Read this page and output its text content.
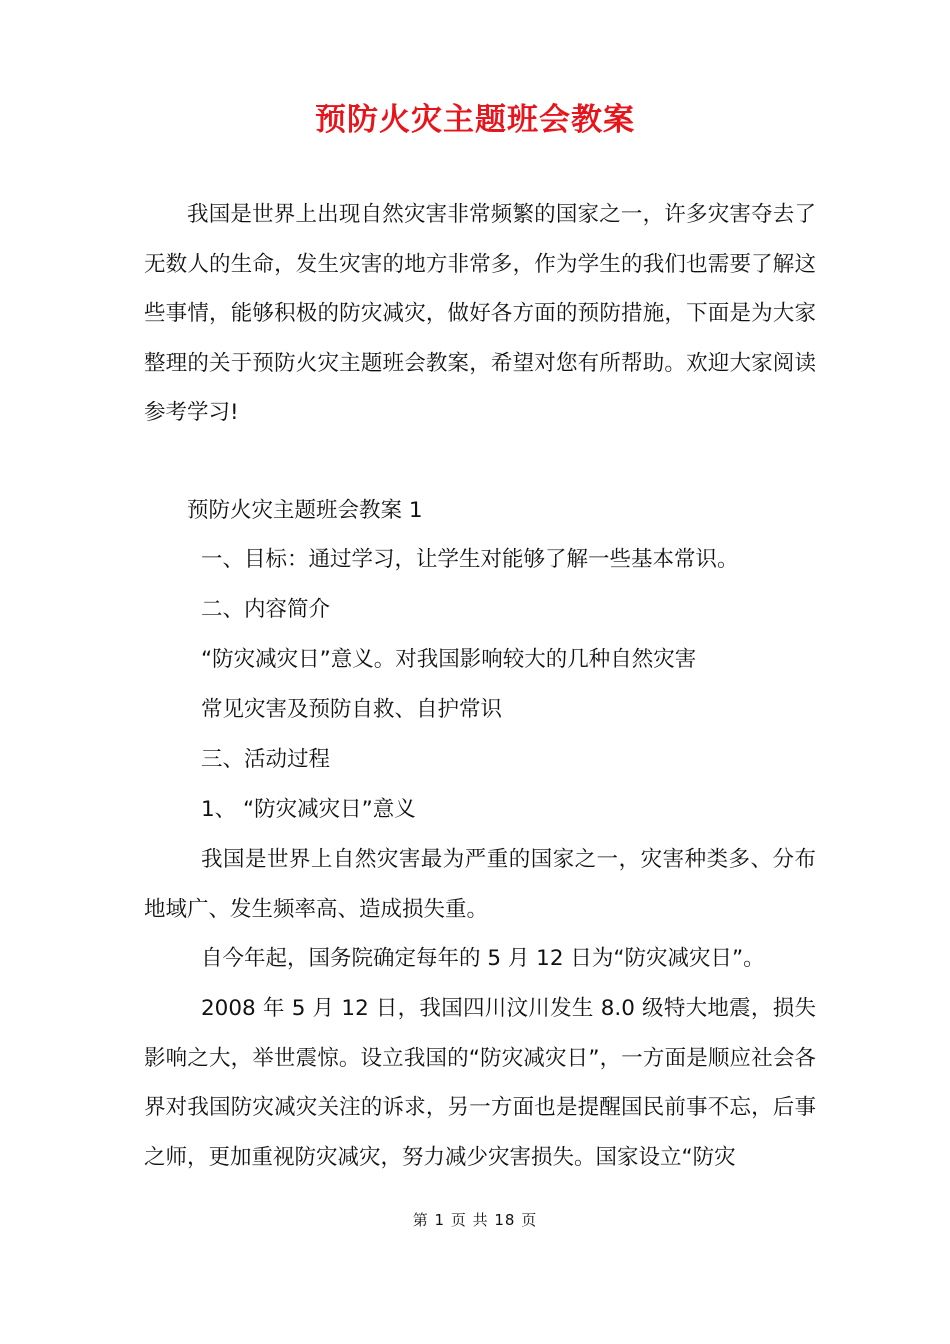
预防火灾主题班会教案

我国是世界上出现自然灾害非常频繁的国家之一，许多灾害夺去了无数人的生命，发生灾害的地方非常多，作为学生的我们也需要了解这些事情，能够积极的防灾减灾，做好各方面的预防措施，下面是为大家整理的关于预防火灾主题班会教案，希望对您有所帮助。欢迎大家阅读参考学习!

预防火灾主题班会教案 1

一、目标：通过学习，让学生对能够了解一些基本常识。

二、内容简介

“防灾减灾日”意义。对我国影响较大的几种自然灾害

常见灾害及预防自救、自护常识

三、活动过程

1、 “防灾减灾日”意义

我国是世界上自然灾害最为严重的国家之一，灾害种类多、分布地域广、发生频率高、造成损失重。

自今年起，国务院确定每年的 5 月 12 日为“防灾减灾日”。

2008 年 5 月 12 日，我国四川汶川发生 8.0 级特大地震，损失影响之大，举世震惊。设立我国的“防灾减灾日”，一方面是顺应社会各界对我国防灾减灾关注的诉求，另一方面也是提醒国民前事不忘，后事之师，更加重视防灾减灾，努力减少灾害损失。国家设立“防灾

第 1 页 共 18 页
